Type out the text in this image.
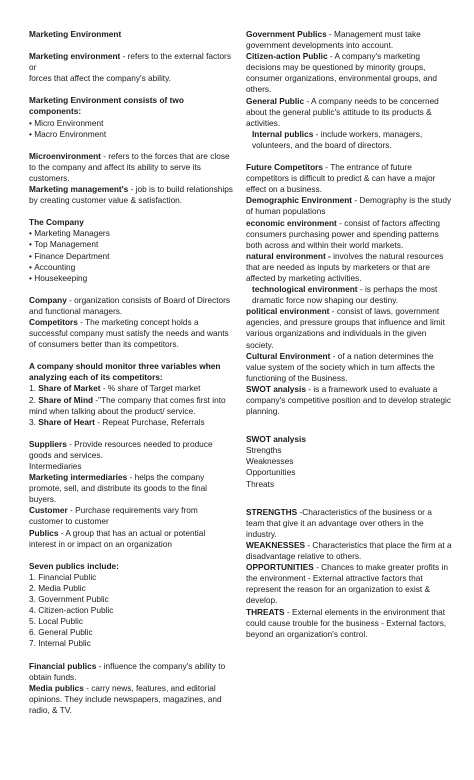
Marketing Environment

Marketing environment - refers to the external factors or

forces that affect the company's ability.

Marketing Environment consists of two

components:

• Micro Environment

• Macro Environment

Microenvironment - refers to the forces that are close to the company and affect its ability to serve its customers.

Marketing management's - job is to build relationships by creating customer value & satisfaction.

The Company

• Marketing Managers

• Top Management

• Finance Department

• Accounting

• Housekeeping

Company - organization consists of Board of Directors and functional managers.

Competitors - The marketing concept holds a successful company must satisfy the needs and wants of consumers better than its competitors.

A company should monitor three variables when analyzing each of its competitors:

1. Share of Market - % share of Target market

2. Share of Mind -"The company that comes first into mind when talking about the product/ service.

3. Share of Heart - Repeat Purchase, Referrals

Suppliers - Provide resources needed to produce goods and services.

Intermediaries

Marketing intermediaries - helps the company promote, sell, and distribute its goods to the final buyers.

Customer - Purchase requirements vary from customer to customer

Publics - A group that has an actual or potential interest in or impact on an organization

Seven publics include:

1. Financial Public

2. Media Public

3. Government Public

4. Citizen-action Public

5. Local Public

6. General Public

7. Internal Public

Financial publics - influence the company's ability to obtain funds.

Media publics - carry news, features, and editorial opinions. They include newspapers, magazines, and radio, & TV.

Government Publics - Management must take government developments into account.

Citizen-action Public - A company's marketing decisions may be questioned by minority groups, consumer organizations, environmental groups, and others.

General Public - A company needs to be concerned about the general public's attitude to its products & activities.

Internal publics - include workers, managers, volunteers, and the board of directors.

Future Competitors - The entrance of future competitors is difficult to predict & can have a major effect on a business.

Demographic Environment - Demography is the study of human populations

economic environment - consist of factors affecting consumers purchasing power and spending patterns both across and within their world markets.

natural environment - involves the natural resources that are needed as inputs by marketers or that are affected by marketing activities.

technological environment - is perhaps the most dramatic force now shaping our destiny.

political environment - consist of laws, government agencies, and pressure groups that influence and limit various organizations and individuals in the given society.

Cultural Environment - of a nation determines the value system of the society which in turn affects the functioning of the Business.

SWOT analysis - is a framework used to evaluate a company's competitive position and to develop strategic

planning.

SWOT analysis

Strengths

Weaknesses

Opportunities

Threats

STRENGTHS -Characteristics of the business or a team that give it an advantage over others in the industry.

WEAKNESSES - Characteristics that place the firm at a disadvantage relative to others.

OPPORTUNITIES - Chances to make greater profits in the environment - External attractive factors that represent the reason for an organization to exist & develop.

THREATS - External elements in the environment that could cause trouble for the business - External factors, beyond an organization's control.
